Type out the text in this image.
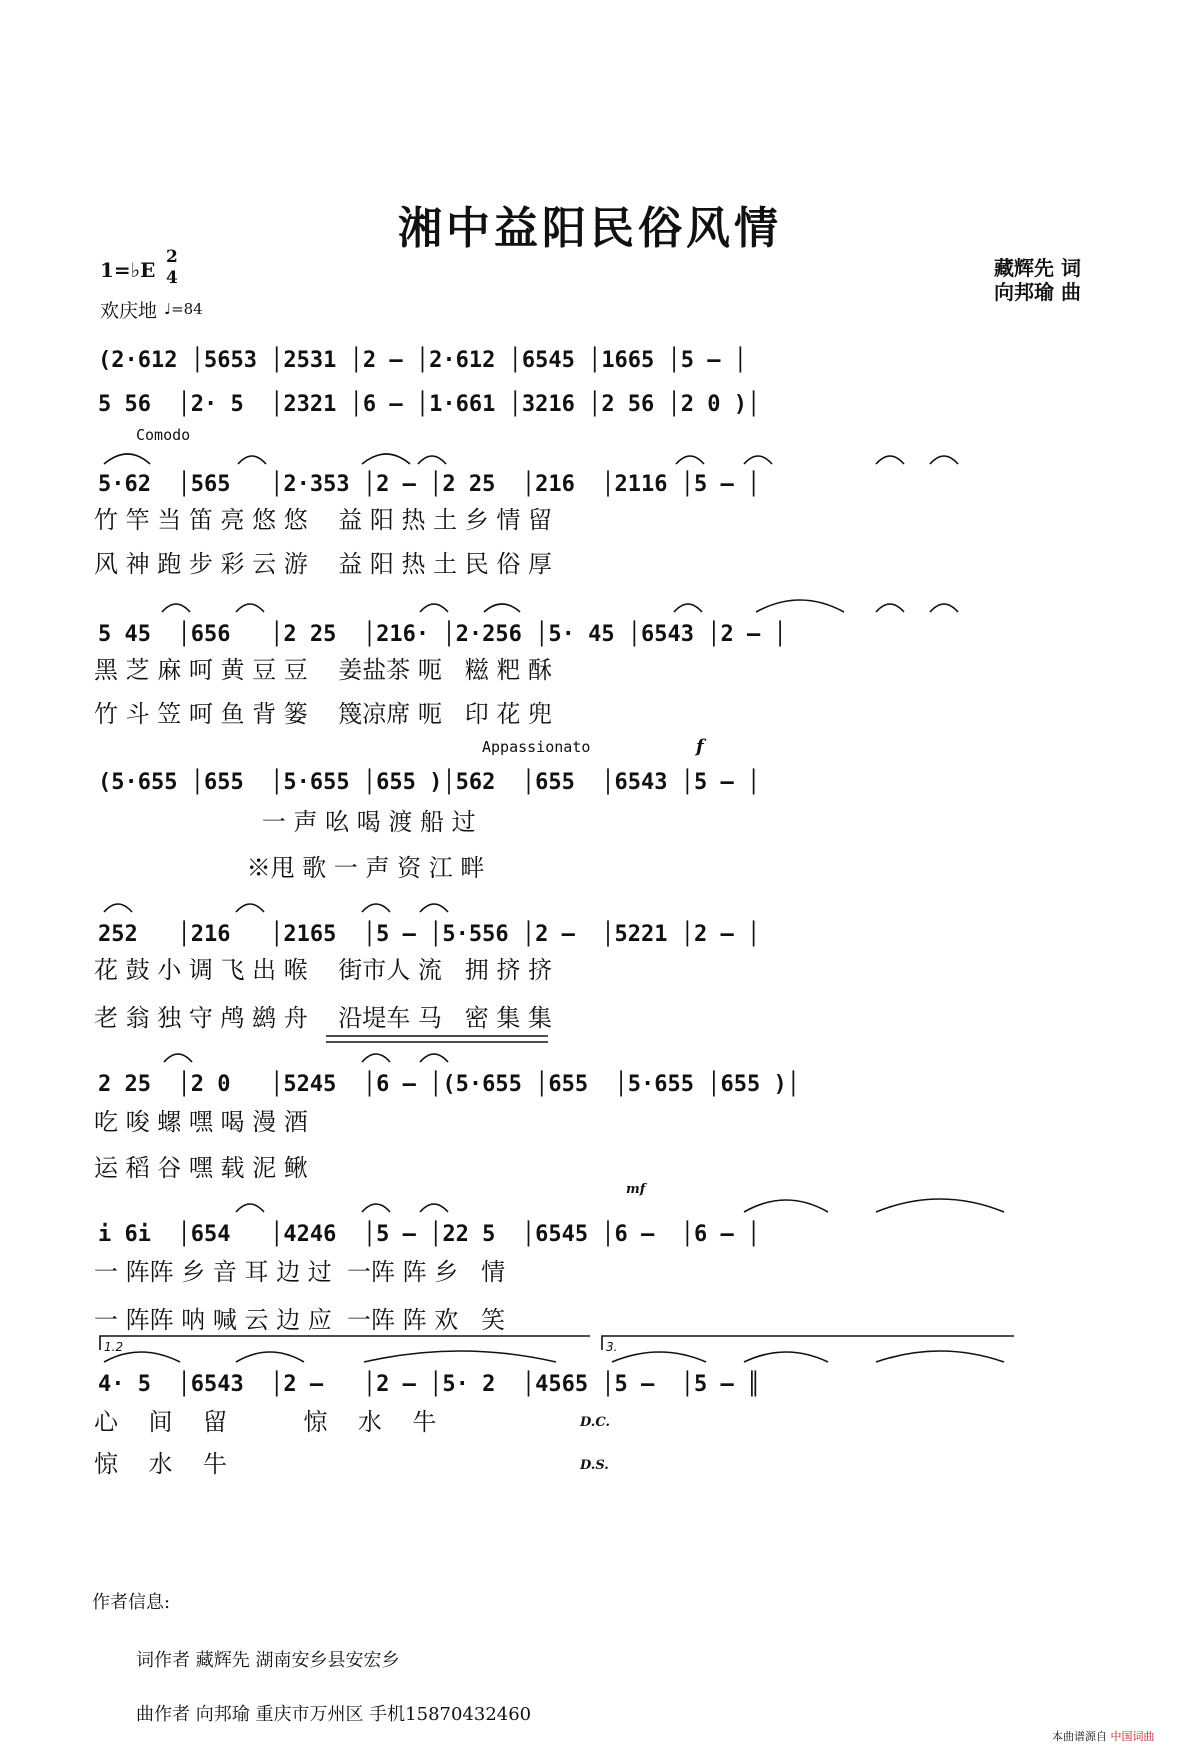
湘中益阳民俗风情
藏辉先 词
向邦瑜 曲
1=♭E
2
4
欢庆地 ♩=84
Comodo
Appassionato	f
mf
D.C.
D.S.
1.2	3.
(2·612 │5653 │2531 │2 – │2·612 │6545 │1665 │5 – │
5 56  │2· 5  │2321 │6 – │1·661 │3216 │2 56 │2 0 )│
5·62  │565   │2·353 │2 – │2 25  │216  │2116 │5 – │
竹 竿 当 笛 亮 悠 悠    益 阳 热 土 乡 情 留
风 神 跑 步 彩 云 游    益 阳 热 土 民 俗 厚
5 45  │656   │2 25  │216· │2·256 │5· 45 │6543 │2 – │
黑 芝 麻 呵 黄 豆 豆    姜盐茶 呃   糍 粑 酥
竹 斗 笠 呵 鱼 背 篓    篾凉席 呃   印 花 兜
(5·655 │655  │5·655 │655 )│562  │655  │6543 │5 – │
一 声 吆 喝 渡 船 过
※甩 歌 一 声 资 江 畔
252   │216   │2165  │5 – │5·556 │2 –  │5221 │2 – │
花 鼓 小 调 飞 出 喉    街市人 流   拥 挤 挤
老 翁 独 守 鸬 鹚 舟    沿堤车 马   密 集 集
2 25  │2 0   │5245  │6 – │(5·655 │655  │5·655 │655 )│
吃 唆 螺 嘿 喝 漫 酒
运 稻 谷 嘿 载 泥 鳅
i 6i  │654   │4246  │5 – │22 5  │6545 │6 –  │6 – │
一 阵阵 乡 音 耳 边 过  一阵 阵 乡   情
一 阵阵 呐 喊 云 边 应  一阵 阵 欢   笑
4· 5  │6543  │2 –   │2 – │5· 2  │4565 │5 –  │5 – ║
心    间    留          惊    水    牛
惊    水    牛
作者信息:
词作者 藏辉先 湖南安乡县安宏乡
曲作者 向邦瑜 重庆市万州区 手机15870432460
本曲谱源自 中国词曲
